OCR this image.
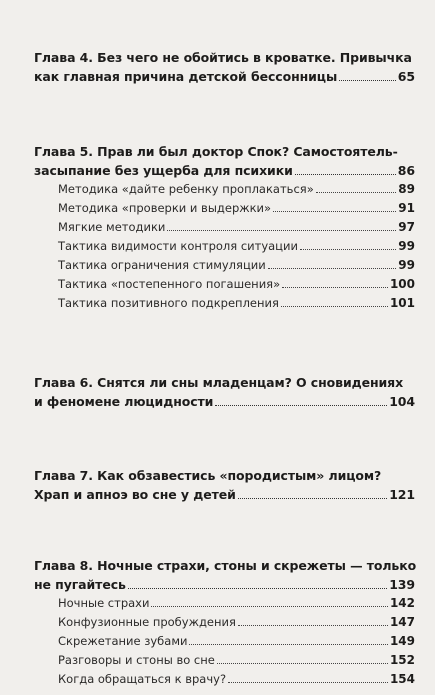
Глава 4. Без чего не обойтись в кроватке. Привычка
как главная причина детской бессонницы	65
Глава 5. Прав ли был доктор Спок? Самостоятель-
засыпание без ущерба для психики	86
Методика «дайте ребенку проплакаться»	89
Методика «проверки и выдержки»	91
Мягкие методики	97
Тактика видимости контроля ситуации	99
Тактика ограничения стимуляции	99
Тактика «постепенного погашения»	100
Тактика позитивного подкрепления	101
Глава 6. Снятся ли сны младенцам? О сновидениях
и феномене люцидности	104
Глава 7. Как обзавестись «породистым» лицом?
Храп и апноэ во сне у детей	121
Глава 8. Ночные страхи, стоны и скрежеты — только
не пугайтесь	139
Ночные страхи	142
Конфузионные пробуждения	147
Скрежетание зубами	149
Разговоры и стоны во сне	152
Когда обращаться к врачу?	154
